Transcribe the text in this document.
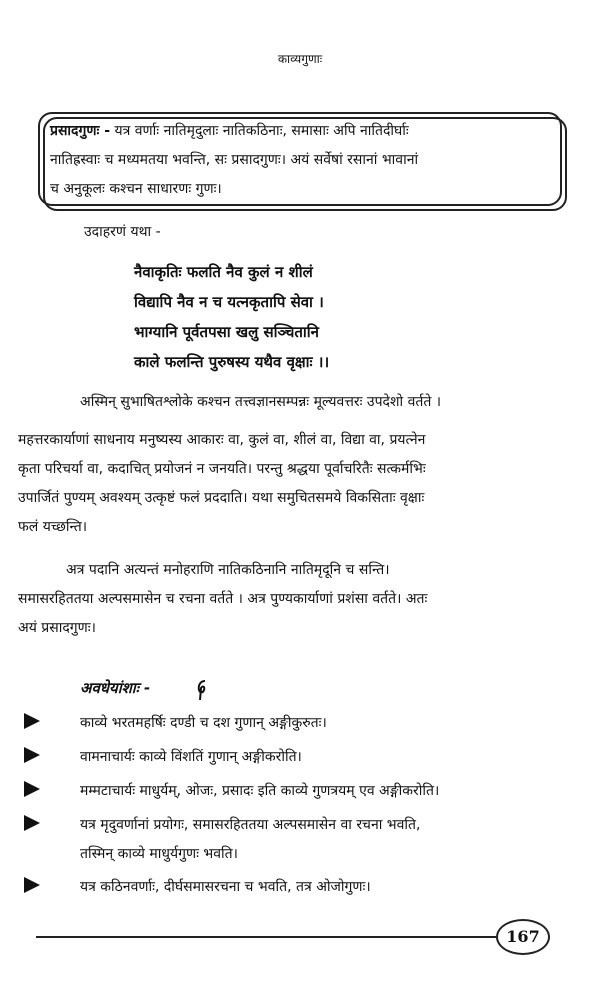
काव्यगुणाः
प्रसादगुणः - यत्र वर्णाः नातिमृदुलाः नातिकठिनाः, समासाः अपि नातिदीर्घाः
नातिह्रस्वाः च मध्यमतया भवन्ति, सः प्रसादगुणः। अयं सर्वेषां रसानां भावानां
च अनुकूलः कश्चन साधारणः गुणः।
उदाहरणं यथा -
नैवाकृतिः फलति नैव कुलं न शीलं
विद्यापि नैव न च यत्नकृतापि सेवा ।
भाग्यानि पूर्वतपसा खलु सञ्चितानि
काले फलन्ति पुरुषस्य यथैव वृक्षाः ।।
अस्मिन् सुभाषितश्लोके कश्चन तत्त्वज्ञानसम्पन्नः मूल्यवत्तरः उपदेशो वर्तते ।
महत्तरकार्याणां साधनाय मनुष्यस्य आकारः वा, कुलं वा, शीलं वा, विद्या वा, प्रयत्नेन
कृता परिचर्या वा, कदाचित् प्रयोजनं न जनयति। परन्तु श्रद्धया पूर्वाचरितैः सत्कर्मभिः
उपार्जितं पुण्यम् अवश्यम् उत्कृष्टं फलं प्रददाति। यथा समुचितसमये विकसिताः वृक्षाः
फलं यच्छन्ति।
अत्र पदानि अत्यन्तं मनोहराणि नातिकठिनानि नातिमृदूनि च सन्ति।
समासरहिततया अल्पसमासेन च रचना वर्तते । अत्र पुण्यकार्याणां प्रशंसा वर्तते। अतः
अयं प्रसादगुणः।
अवधेयांशाः -
काव्ये भरतमहर्षिः दण्डी च दश गुणान् अङ्गीकुरुतः।
वामनाचार्यः काव्ये विंशतिं गुणान् अङ्गीकरोति।
मम्मटाचार्यः माधुर्यम्, ओजः, प्रसादः इति काव्ये गुणत्रयम् एव अङ्गीकरोति।
यत्र मृदुवर्णानां प्रयोगः, समासरहिततया अल्पसमासेन वा रचना भवति,
तस्मिन् काव्ये माधुर्यगुणः भवति।
यत्र कठिनवर्णाः, दीर्घसमासरचना च भवति, तत्र ओजोगुणः।
167
